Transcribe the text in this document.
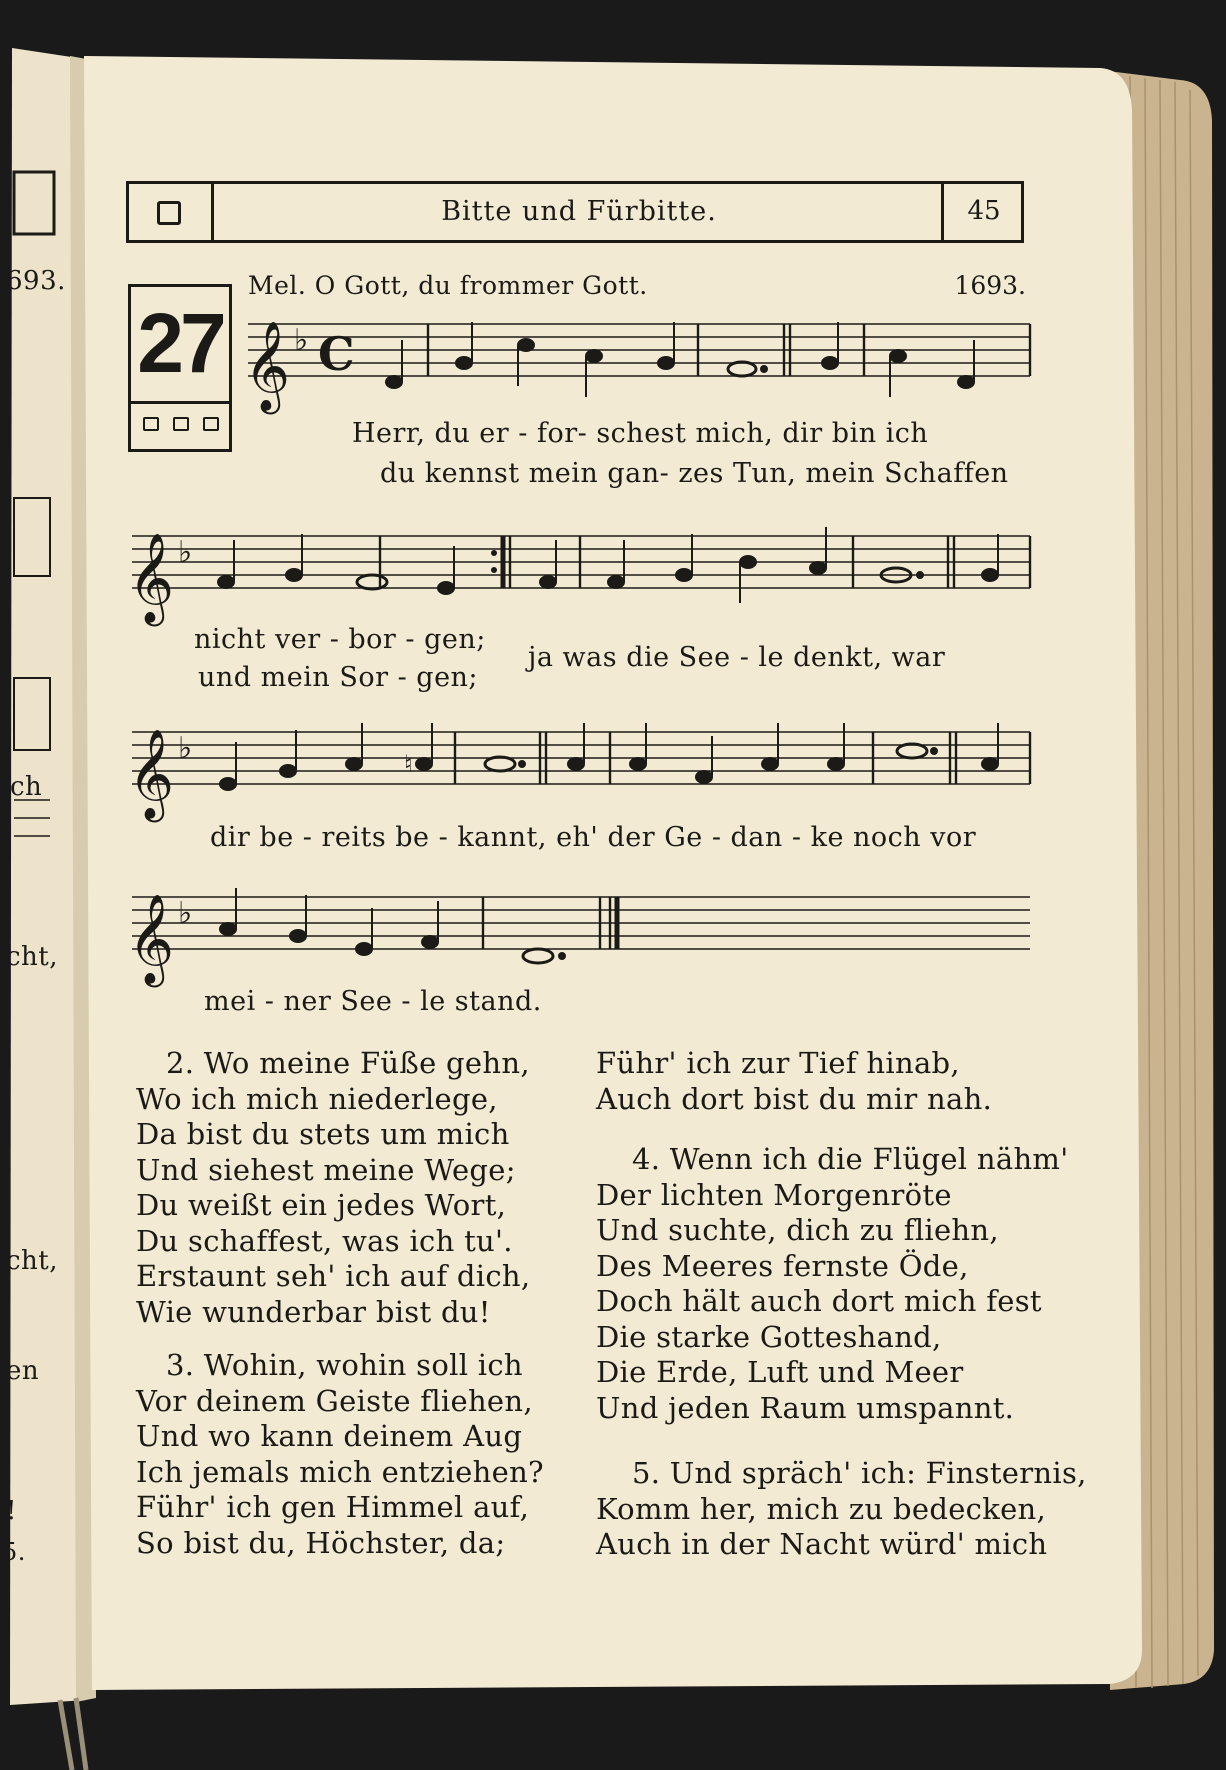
693.
ch
cht,
cht,
en
!
5.
Bitte und Fürbitte.	45
27
Mel. O Gott, du frommer Gott.	1693.
𝄞
𝄞
𝄞
𝄞
♭
♭
♭
♭
C
♮
Herr, du er - for- schest mich, dir bin ich
du kennst mein gan- zes Tun, mein Schaffen
nicht ver - bor - gen;
und mein Sor - gen;
ja was die See - le denkt, war
dir be - reits be - kannt, eh' der Ge - dan - ke noch vor
mei - ner See - le stand.

2. Wo meine Füße gehn,

Wo ich mich niederlege,

Da bist du stets um mich

Und siehest meine Wege;

Du weißt ein jedes Wort,

Du schaffest, was ich tu'.

Erstaunt seh' ich auf dich,

Wie wunderbar bist du!

3. Wohin, wohin soll ich

Vor deinem Geiste fliehen,

Und wo kann deinem Aug

Ich jemals mich entziehen?

Führ' ich gen Himmel auf,

So bist du, Höchster, da;

Führ' ich zur Tief hinab,

Auch dort bist du mir nah.

4. Wenn ich die Flügel nähm'

Der lichten Morgenröte

Und suchte, dich zu fliehn,

Des Meeres fernste Öde,

Doch hält auch dort mich fest

Die starke Gotteshand,

Die Erde, Luft und Meer

Und jeden Raum umspannt.

5. Und spräch' ich: Finsternis,

Komm her, mich zu bedecken,

Auch in der Nacht würd' mich
